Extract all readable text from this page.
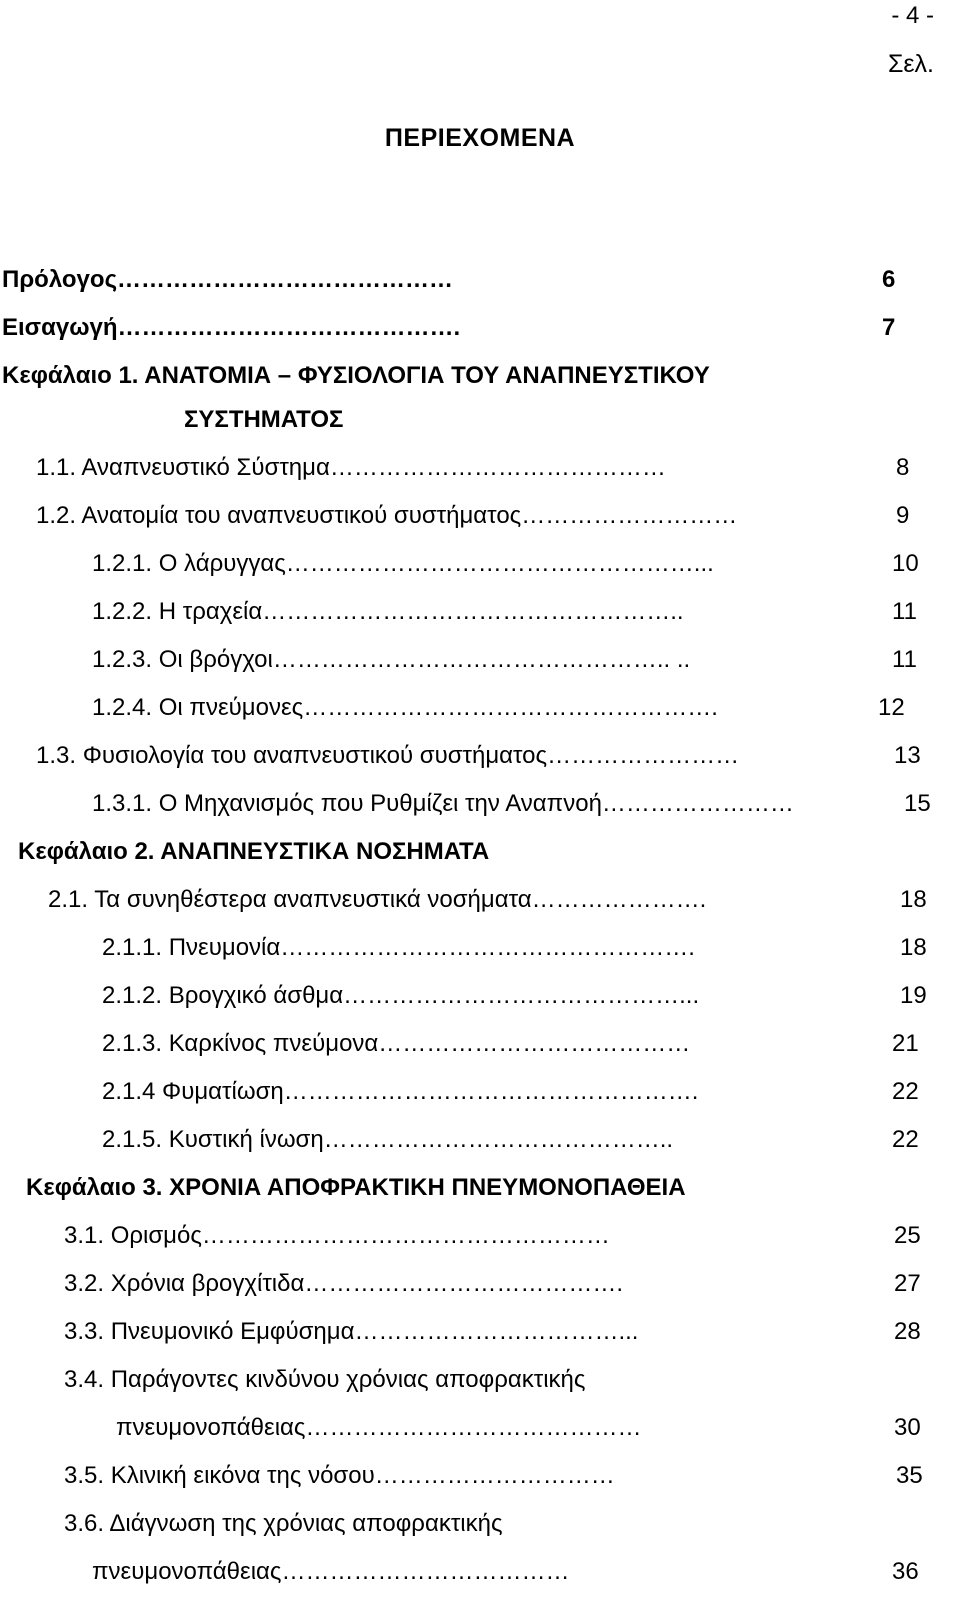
- 4 -
ΠΕΡΙΕΧΟΜΕΝΑ
Σελ.
Πρόλογος……………………………………	6
Εισαγωγή…………………………………….	7
Κεφάλαιο 1. ΑΝΑΤΟΜΙΑ – ΦΥΣΙΟΛΟΓΙΑ ΤΟΥ ΑΝΑΠΝΕΥΣΤΙΚΟΥ
ΣΥΣΤΗΜΑΤΟΣ
1.1. Αναπνευστικό Σύστημα……………………………………	8
1.2. Ανατομία του αναπνευστικού συστήματος………………………	9
1.2.1. Ο λάρυγγας……………………………………………...	10
1.2.2. Η τραχεία……………………………………………..	11
1.2.3. Οι βρόγχοι………………………………………….. ..	11
1.2.4. Οι πνεύμονες…………………………………………….	12
1.3. Φυσιολογία του αναπνευστικού συστήματος……………………	13
1.3.1. Ο Μηχανισμός που Ρυθμίζει την Αναπνοή……………………	15
Κεφάλαιο 2. ΑΝΑΠΝΕΥΣΤΙΚΑ ΝΟΣΗΜΑΤΑ
2.1. Τα συνηθέστερα αναπνευστικά νοσήματα………………….	18
2.1.1. Πνευμονία…………………………………………….	18
2.1.2. Βρογχικό άσθμα……………………………………...	19
2.1.3. Καρκίνος πνεύμονα…………………………………	21
2.1.4 Φυματίωση…………………………………………….	22
2.1.5. Κυστική ίνωση……………………………………..	22
Κεφάλαιο 3. ΧΡΟΝΙΑ ΑΠΟΦΡΑΚΤΙΚΗ ΠΝΕΥΜΟΝΟΠΑΘΕΙΑ
3.1. Ορισμός……………………………………………	25
3.2. Χρόνια βρογχίτιδα………………………………….	27
3.3. Πνευμονικό Εμφύσημα……………………………...	28
3.4. Παράγοντες κινδύνου χρόνιας αποφρακτικής
πνευμονοπάθειας……………………………………	30
3.5. Κλινική εικόνα της νόσου…………………………	35
3.6. Διάγνωση της χρόνιας αποφρακτικής
πνευμονοπάθειας………………………………	36
